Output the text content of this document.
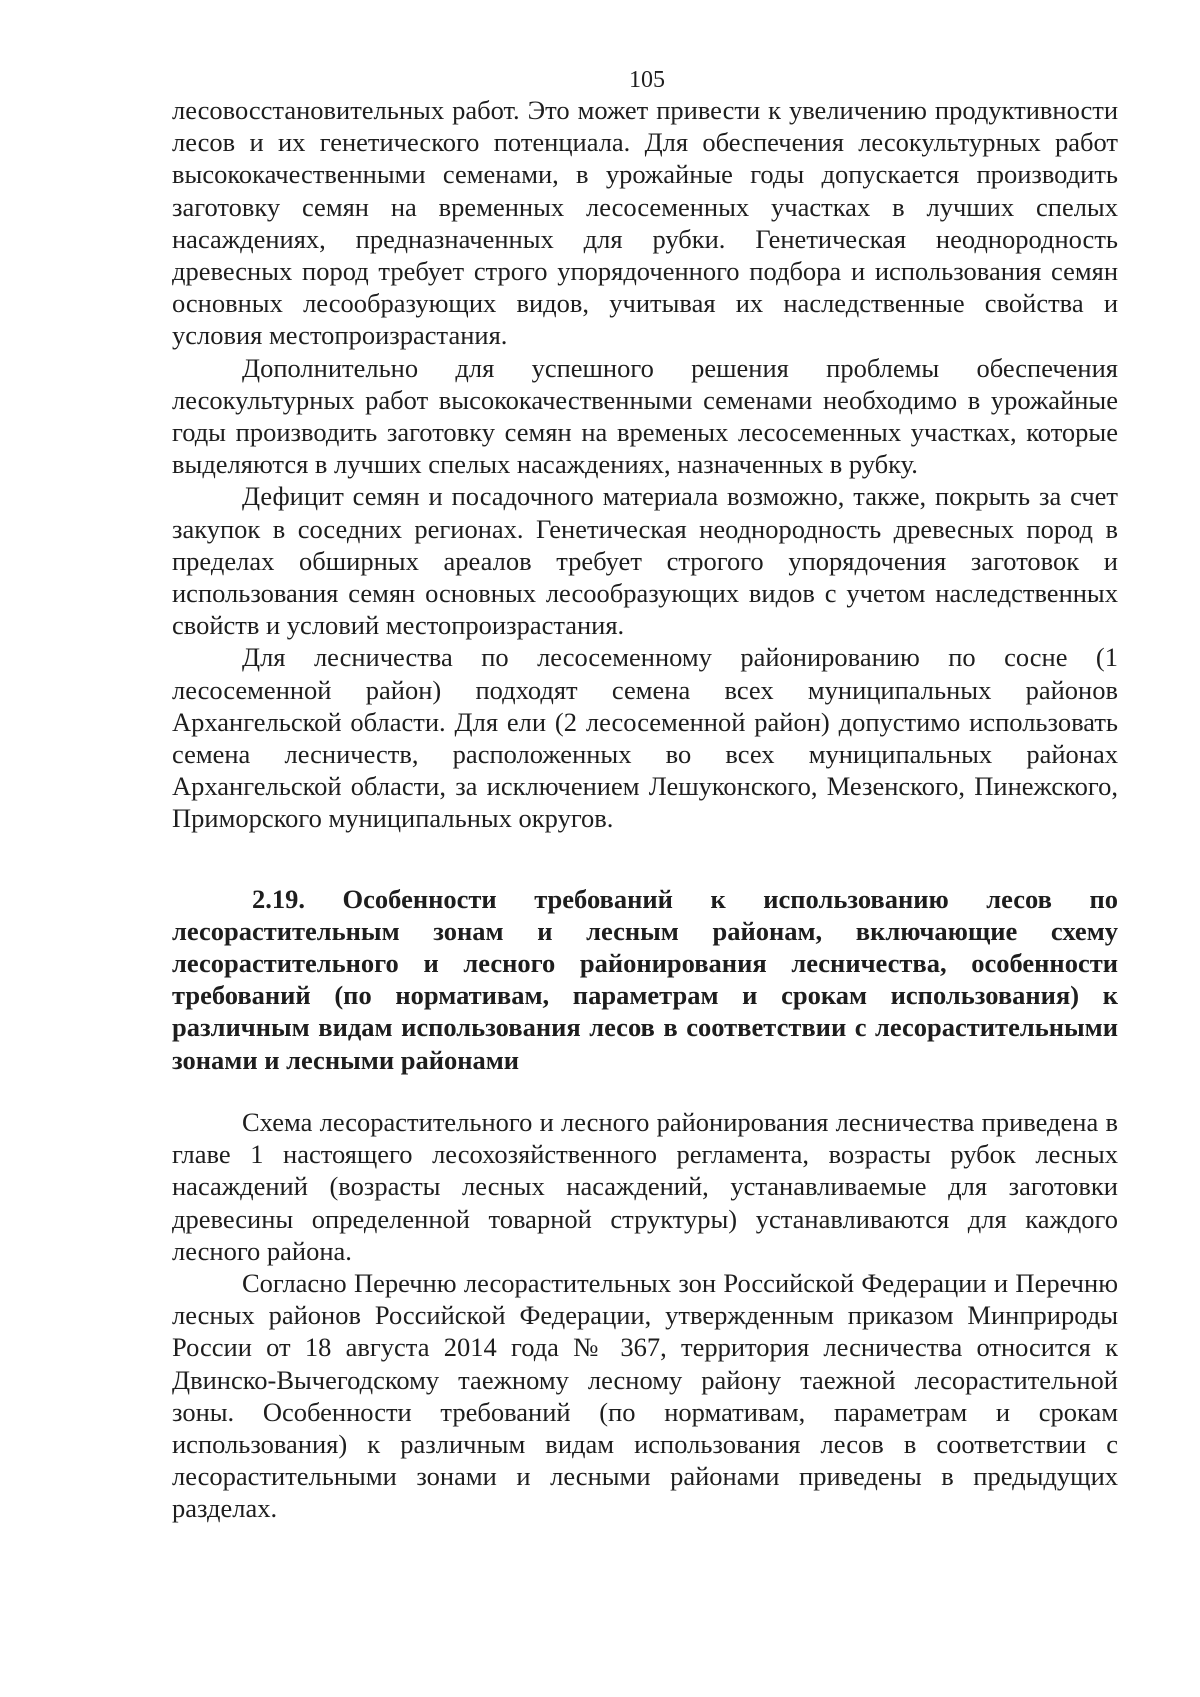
105

лесовосстановительных работ. Это может привести к увеличению продуктивности лесов и их генетического потенциала. Для обеспечения лесокультурных работ высококачественными семенами, в урожайные годы допускается производить заготовку семян на временных лесосеменных участках в лучших спелых насаждениях, предназначенных для рубки. Генетическая неоднородность древесных пород требует строго упорядоченного подбора и использования семян основных лесообразующих видов, учитывая их наследственные свойства и условия местопроизрастания.

Дополнительно для успешного решения проблемы обеспечения лесокультурных работ высококачественными семенами необходимо в урожайные годы производить заготовку семян на временых лесосеменных участках, которые выделяются в лучших спелых насаждениях, назначенных в рубку.

Дефицит семян и посадочного материала возможно, также, покрыть за счет закупок в соседних регионах. Генетическая неоднородность древесных пород в пределах обширных ареалов требует строгого упорядочения заготовок и использования семян основных лесообразующих видов с учетом наследственных свойств и условий местопроизрастания.

Для лесничества по лесосеменному районированию по сосне (1 лесосеменной район) подходят семена всех муниципальных районов Архангельской области. Для ели (2 лесосеменной район) допустимо использовать семена лесничеств, расположенных во всех муниципальных районах Архангельской области, за исключением Лешуконского, Мезенского, Пинежского, Приморского муниципальных округов.

2.19. Особенности требований к использованию лесов по лесорастительным зонам и лесным районам, включающие схему лесорастительного и лесного районирования лесничества, особенности требований (по нормативам, параметрам и срокам использования) к различным видам использования лесов в соответствии с лесорастительными зонами и лесными районами

Схема лесорастительного и лесного районирования лесничества приведена в главе 1 настоящего лесохозяйственного регламента, возрасты рубок лесных насаждений (возрасты лесных насаждений, устанавливаемые для заготовки древесины определенной товарной структуры) устанавливаются для каждого лесного района.

Согласно Перечню лесорастительных зон Российской Федерации и Перечню лесных районов Российской Федерации, утвержденным приказом Минприроды России от 18 августа 2014 года № 367, территория лесничества относится к Двинско-Вычегодскому таежному лесному району таежной лесорастительной зоны. Особенности требований (по нормативам, параметрам и срокам использования) к различным видам использования лесов в соответствии с лесорастительными зонами и лесными районами приведены в предыдущих разделах.
